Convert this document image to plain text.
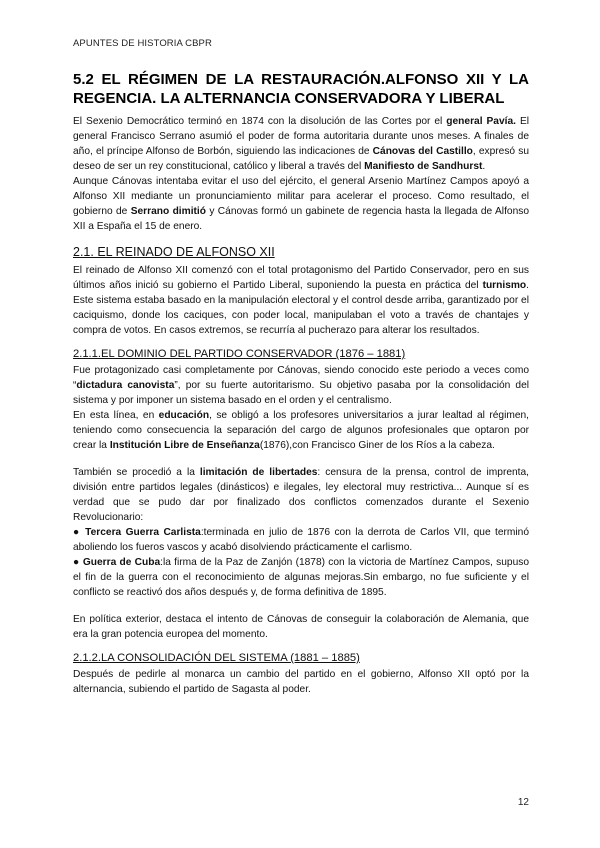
APUNTES DE HISTORIA CBPR
5.2 EL RÉGIMEN DE LA RESTAURACIÓN.ALFONSO XII Y LA REGENCIA. LA ALTERNANCIA CONSERVADORA Y LIBERAL

El Sexenio Democrático terminó en 1874 con la disolución de las Cortes por el general Pavía. El general Francisco Serrano asumió el poder de forma autoritaria durante unos meses. A finales de año, el príncipe Alfonso de Borbón, siguiendo las indicaciones de Cánovas del Castillo, expresó su deseo de ser un rey constitucional, católico y liberal a través del Manifiesto de Sandhurst.

Aunque Cánovas intentaba evitar el uso del ejército, el general Arsenio Martínez Campos apoyó a Alfonso XII mediante un pronunciamiento militar para acelerar el proceso. Como resultado, el gobierno de Serrano dimitió y Cánovas formó un gabinete de regencia hasta la llegada de Alfonso XII a España el 15 de enero.

2.1. EL REINADO DE ALFONSO XII

El reinado de Alfonso XII comenzó con el total protagonismo del Partido Conservador, pero en sus últimos años inició su gobierno el Partido Liberal, suponiendo la puesta en práctica del turnismo. Este sistema estaba basado en la manipulación electoral y el control desde arriba, garantizado por el caciquismo, donde los caciques, con poder local, manipulaban el voto a través de chantajes y compra de votos. En casos extremos, se recurría al pucherazo para alterar los resultados.

2.1.1.EL DOMINIO DEL PARTIDO CONSERVADOR (1876 – 1881)

Fue protagonizado casi completamente por Cánovas, siendo conocido este periodo a veces como “dictadura canovista”, por su fuerte autoritarismo. Su objetivo pasaba por la consolidación del sistema y por imponer un sistema basado en el orden y el centralismo.

En esta línea, en educación, se obligó a los profesores universitarios a jurar lealtad al régimen, teniendo como consecuencia la separación del cargo de algunos profesionales que optaron por crear la Institución Libre de Enseñanza(1876),con Francisco Giner de los Ríos a la cabeza.

También se procedió a la limitación de libertades: censura de la prensa, control de imprenta, división entre partidos legales (dinásticos) e ilegales, ley electoral muy restrictiva... Aunque sí es verdad que se pudo dar por finalizado dos conflictos comenzados durante el Sexenio Revolucionario:

● Tercera Guerra Carlista:terminada en julio de 1876 con la derrota de Carlos VII, que terminó aboliendo los fueros vascos y acabó disolviendo prácticamente el carlismo.

● Guerra de Cuba:la firma de la Paz de Zanjón (1878) con la victoria de Martínez Campos, supuso el fin de la guerra con el reconocimiento de algunas mejoras.Sin embargo, no fue suficiente y el conflicto se reactivó dos años después y, de forma definitiva de 1895.

En política exterior, destaca el intento de Cánovas de conseguir la colaboración de Alemania, que era la gran potencia europea del momento.

2.1.2.LA CONSOLIDACIÓN DEL SISTEMA (1881 – 1885)

Después de pedirle al monarca un cambio del partido en el gobierno, Alfonso XII optó por la alternancia, subiendo el partido de Sagasta al poder.

12
